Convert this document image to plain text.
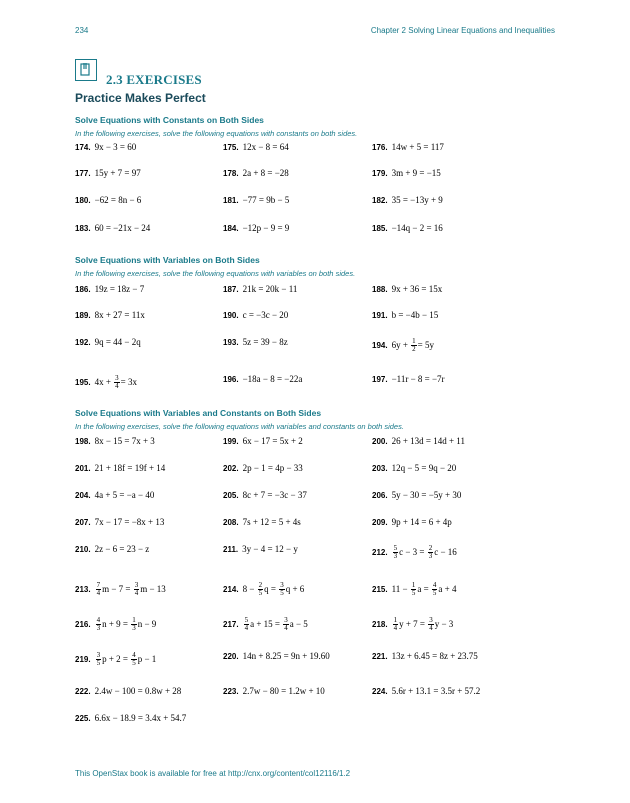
234	Chapter 2 Solving Linear Equations and Inequalities
2.3 EXERCISES
Practice Makes Perfect
Solve Equations with Constants on Both Sides
In the following exercises, solve the following equations with constants on both sides.
Solve Equations with Variables on Both Sides
In the following exercises, solve the following equations with variables on both sides.
Solve Equations with Variables and Constants on Both Sides
In the following exercises, solve the following equations with variables and constants on both sides.
174. 9x − 3 = 60	175. 12x − 8 = 64	176. 14w + 5 = 117
177. 15y + 7 = 97	178. 2a + 8 = −28	179. 3m + 9 = −15
180. −62 = 8n − 6	181. −77 = 9b − 5	182. 35 = −13y + 9
183. 60 = −21x − 24	184. −12p − 9 = 9	185. −14q − 2 = 16
186. 19z = 18z − 7	187. 21k = 20k − 11	188. 9x + 36 = 15x
189. 8x + 27 = 11x	190. c = −3c − 20	191. b = −4b − 15
192. 9q = 44 − 2q	193. 5z = 39 − 8z	194. $6y + \frac{1}{2} = 5y$
195. $4x + \frac{3}{4} = 3x$	196. −18a − 8 = −22a	197. −11r − 8 = −7r
198. 8x − 15 = 7x + 3	199. 6x − 17 = 5x + 2	200. 26 + 13d = 14d + 11
201. 21 + 18f = 19f + 14	202. 2p − 1 = 4p − 33	203. 12q − 5 = 9q − 20
204. 4a + 5 = −a − 40	205. 8c + 7 = −3c − 37	206. 5y − 30 = −5y + 30
207. 7x − 17 = −8x + 13	208. 7s + 12 = 5 + 4s	209. 9p + 14 = 6 + 4p
210. 2z − 6 = 23 − z	211. 3y − 4 = 12 − y	212. $\frac{5}{3}$ $c - 3 = \frac{2}{3}$ c − 16
213. $\frac{7}{4}$ $m - 7 = \frac{3}{4}$ m − 13	214. $8 - \frac{2}{5}$ $q = \frac{3}{5}$ q + 6	215. $11 - \frac{1}{5}$ $a = \frac{4}{5}$ a + 4
216. $\frac{4}{3}$ $n + 9 = \frac{1}{3}$ n − 9	217. $\frac{5}{4}$ $a + 15 = \frac{3}{4}$ a − 5	218. $\frac{1}{4}$ $y + 7 = \frac{3}{4}$ y − 3
219. $\frac{3}{5}$ $p + 2 = \frac{4}{5}$ p − 1	220. 14n + 8.25 = 9n + 19.60	221. 13z + 6.45 = 8z + 23.75
222. 2.4w − 100 = 0.8w + 28	223. 2.7w − 80 = 1.2w + 10	224. 5.6r + 13.1 = 3.5r + 57.2
225. 6.6x − 18.9 = 3.4x + 54.7
This OpenStax book is available for free at http://cnx.org/content/col12116/1.2
